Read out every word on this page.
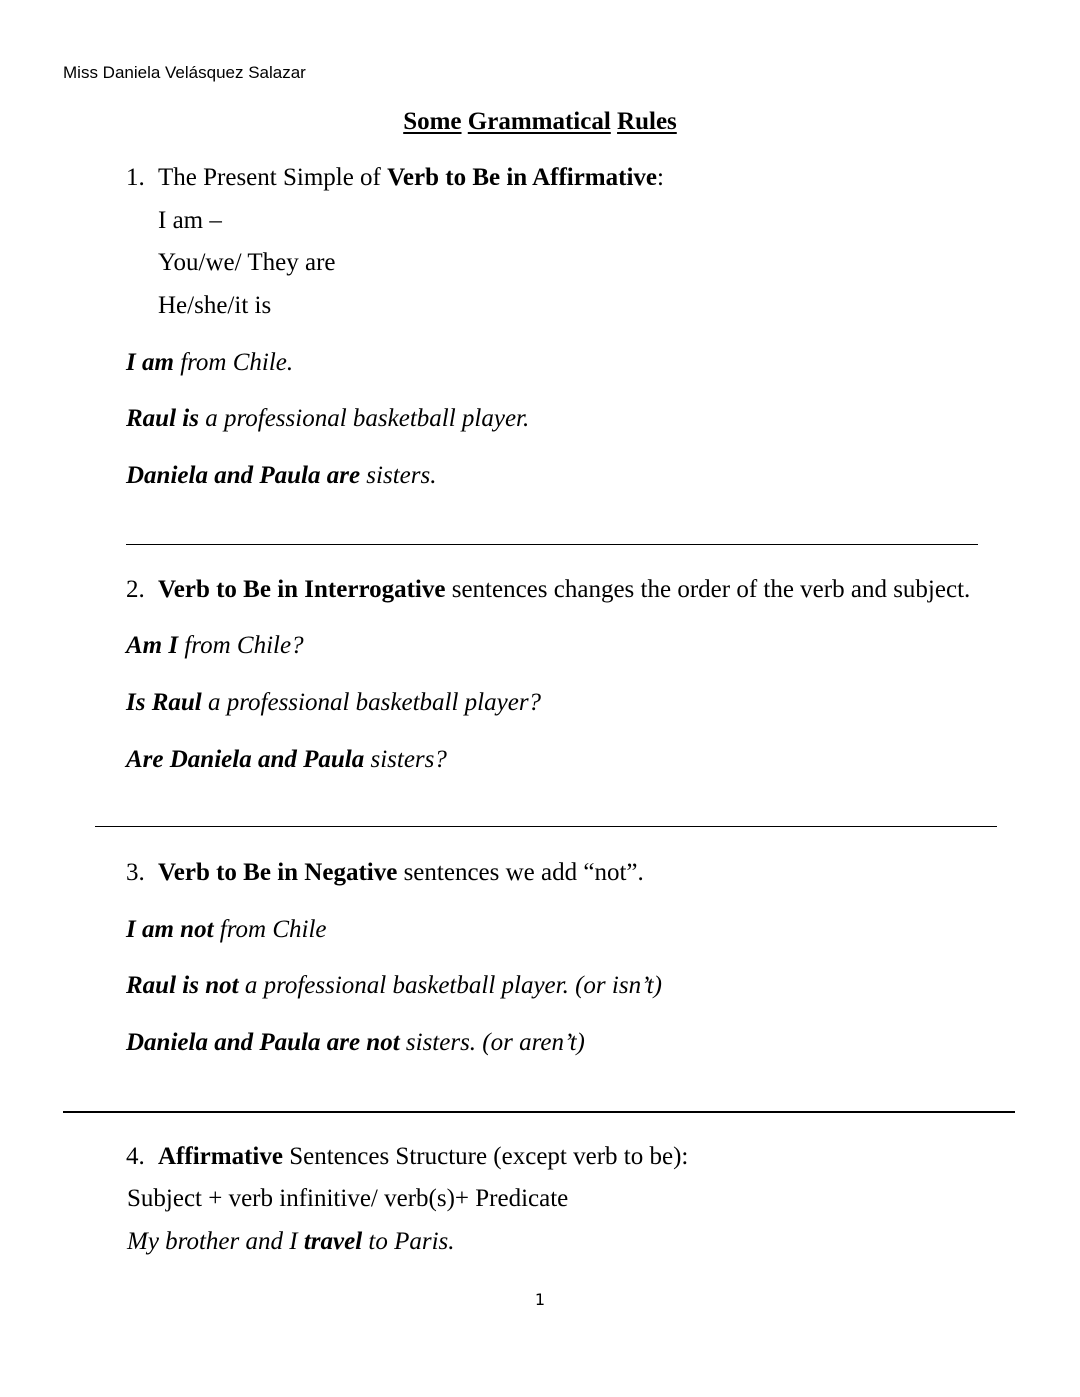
Miss Daniela Velásquez Salazar
Some Grammatical Rules
1. The Present Simple of Verb to Be in Affirmative:
I am –
You/we/ They are
He/she/it is
I am from Chile.
Raul is a professional basketball player.
Daniela and Paula are sisters.
2. Verb to Be in Interrogative sentences changes the order of the verb and subject.
Am I from Chile?
Is Raul a professional basketball player?
Are Daniela and Paula sisters?
3. Verb to Be in Negative sentences we add “not”.
I am not from Chile
Raul is not a professional basketball player. (or isn’t)
Daniela and Paula are not sisters. (or aren’t)
4. Affirmative Sentences Structure (except verb to be):
Subject + verb infinitive/ verb(s)+ Predicate
My brother and I travel to Paris.
1
